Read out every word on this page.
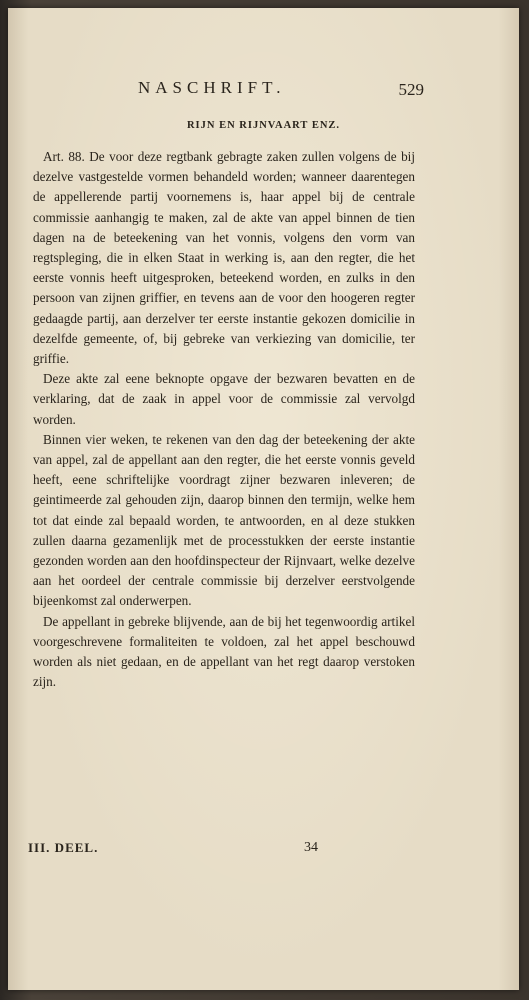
NASCHRIFT.	529
RIJN EN RIJNVAART ENZ.

Art. 88. De voor deze regtbank gebragte zaken zullen volgens de bij dezelve vastgestelde vormen behandeld worden; wanneer daarentegen de appellerende partij voornemens is, haar appel bij de centrale commissie aanhangig te maken, zal de akte van appel binnen de tien dagen na de beteekening van het vonnis, volgens den vorm van regtspleging, die in elken Staat in werking is, aan den regter, die het eerste vonnis heeft uitgesproken, beteekend worden, en zulks in den persoon van zijnen griffier, en tevens aan de voor den hoogeren regter gedaagde partij, aan derzelver ter eerste instantie gekozen domicilie in dezelfde gemeente, of, bij gebreke van verkiezing van domicilie, ter griffie.

Deze akte zal eene beknopte opgave der bezwaren bevatten en de verklaring, dat de zaak in appel voor de commissie zal vervolgd worden.

Binnen vier weken, te rekenen van den dag der beteekening der akte van appel, zal de appellant aan den regter, die het eerste vonnis geveld heeft, eene schriftelijke voordragt zijner bezwaren inleveren; de geintimeerde zal gehouden zijn, daarop binnen den termijn, welke hem tot dat einde zal bepaald worden, te antwoorden, en al deze stukken zullen daarna gezamenlijk met de processtukken der eerste instantie gezonden worden aan den hoofdinspecteur der Rijnvaart, welke dezelve aan het oordeel der centrale commissie bij derzelver eerstvolgende bijeenkomst zal onderwerpen.

De appellant in gebreke blijvende, aan de bij het tegenwoordig artikel voorgeschrevene formaliteiten te voldoen, zal het appel beschouwd worden als niet gedaan, en de appellant van het regt daarop verstoken zijn.

III. DEEL.	34
